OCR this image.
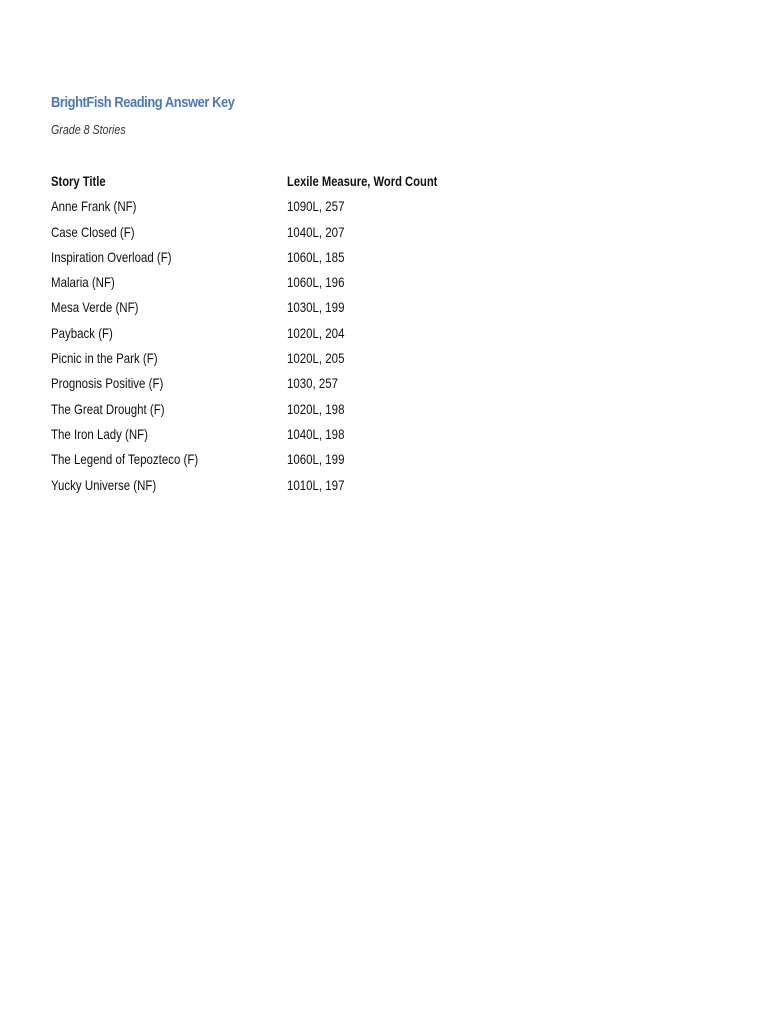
BrightFish Reading Answer Key
Grade 8 Stories
Story Title	Lexile Measure, Word Count
Anne Frank (NF)	1090L, 257
Case Closed (F)	1040L, 207
Inspiration Overload (F)	1060L, 185
Malaria (NF)	1060L, 196
Mesa Verde (NF)	1030L, 199
Payback (F)	1020L, 204
Picnic in the Park (F)	1020L, 205
Prognosis Positive (F)	1030, 257
The Great Drought (F)	1020L, 198
The Iron Lady (NF)	1040L, 198
The Legend of Tepozteco (F)	1060L, 199
Yucky Universe (NF)	1010L, 197
